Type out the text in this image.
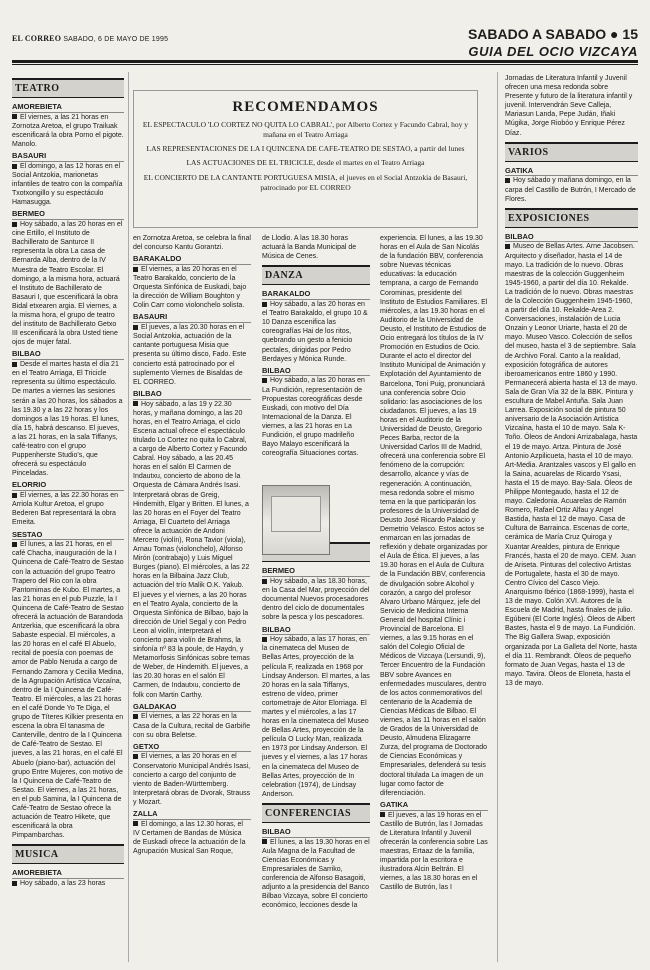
EL CORREO SABADO, 6 DE MAYO DE 1995	SABADO A SABADO ● 15
GUIA DEL OCIO VIZCAYA
RECOMENDAMOS
EL ESPECTACULO 'LO CORTEZ NO QUITA LO CABRAL', por Alberto Cortez y Facundo Cabral, hoy y mañana en el Teatro Arriaga
LAS REPRESENTACIONES DE LA I QUINCENA DE CAFE-TEATRO DE SESTAO, a partir del lunes
LAS ACTUACIONES DE EL TRICICLE, desde el martes en el Teatro Arriaga
EL CONCIERTO DE LA CANTANTE PORTUGUESA MISIA, el jueves en el Social Antzokia de Basauri, patrocinado por EL CORREO
TEATRO
AMOREBIETA

El viernes, a las 21 horas en Zornotza Aretoa, el grupo Trailuak escenificará la obra Porno el pigote. Manolo.

BASAURI

El domingo, a las 12 horas en el Social Antzokia, marionetas infantiles de teatro con la compañía Txotxongillo y su espectáculo Hamasugga.

BERMEO

Hoy sábado, a las 20 horas en el cine Ertillo, el Instituto de Bachillerato de Santurce II representa la obra La casa de Bernarda Alba, dentro de la IV Muestra de Teatro Escolar. El domingo, a la misma hora, actuará el Instituto de Bachillerato de Basauri I, que escenificará la obra Bidal etxearen argia. El viernes, a la misma hora, el grupo de teatro del instituto de Bachillerato Getxo III escenificará la obra Usted tiene ojos de mujer fatal.

BILBAO

Desde el martes hasta el día 21 en el Teatro Arriaga, El Tricicle representa su último espectáculo. De martes a viernes las sesiones serán a las 20 horas, los sábados a las 19.30 y a las 22 horas y los domingos a las 19 horas. El lunes, día 15, habrá descanso. El jueves, a las 21 horas, en la sala Tiffanys, café-teatro con el grupo Puppenherste Studio's, que ofrecerá su espectáculo Pinceladas.

ELORRIO

El viernes, a las 22.30 horas en Arriola Kultur Aretoa, el grupo Bederen Bat representará la obra Emeita.

SESTAO

El lunes, a las 21 horas, en el café Chacha, inauguración de la I Quincena de Café-Teatro de Sestao con la actuación del grupo Teatro Trapero del Rio con la obra Pantomimas de Kubo. El martes, a las 21 horas en el pub Puzzle, la I Quincena de Café-Teatro de Sestao ofrecerá la actuación de Barandoda Antzerkia, que escenificará la obra Sabaste especial. El miércoles, a las 20 horas en el café El Abuelo, recital de poesía con poemas de amor de Pablo Neruda a cargo de Fernando Zamora y Cecilia Medina, de la Agrupación Artística Vizcaína, dentro de la I Quincena de Café-Teatro. El miércoles, a las 21 horas en el café Donde Yo Te Diga, el grupo de Títeres Kilkier presenta en escena la obra El tanasma de Canterville, dentro de la I Quincena de Café-Teatro de Sestao. El jueves, a las 21 horas, en el café El Abuelo (piano-bar), actuación del grupo Entre Mujeres, con motivo de la I Quincena de Café-Teatro de Sestao. El viernes, a las 21 horas, en el pub Samina, la I Quincena de Café-Teatro de Sestao ofrece la actuación de Teatro Hikete, que escenificará la obra Pimpambarchas.

MUSICA
AMOREBIETA

Hoy sábado, a las 23 horas

en Zornotza Aretoa, se celebra la final del concurso Kantu Gorantzi.

BARAKALDO

El viernes, a las 20 horas en el Teatro Barakaldo, concierto de la Orquesta Sinfónica de Euskadi, bajo la dirección de William Boughton y Colin Carr como violonchelo solista.

BASAURI

El jueves, a las 20.30 horas en el Social Antzokia, actuación de la cantante portuguesa Misia que presenta su último disco, Fado. Este concierto está patrocinado por el suplemento Viernes de Bisaldas de EL CORREO.

BILBAO

Hoy sábado, a las 19 y 22.30 horas, y mañana domingo, a las 20 horas, en el Teatro Arriaga, el ciclo Escena actual ofrece el espectáculo titulado Lo Cortez no quita lo Cabral, a cargo de Alberto Cortez y Facundo Cabral. Hoy sábado, a las 20.45 horas en el salón El Carmen de Indautxu, concierto de abono de la Orquesta de Cámara Andrés Isasi. Interpretará obras de Greig, Hindemith, Elgar y Britten. El lunes, a las 20 horas en el Foyer del Teatro Arriaga, El Cuarteto del Arriaga ofrece la actuación de Andoni Mercero (violín), Rona Tavior (viola), Arnau Tomas (violonchelo), Alfonso Mirón (contrabajo) y Luis Miguel Burges (piano). El miércoles, a las 22 horas en la Bilbaina Jazz Club, actuación del trío Malik O.K. Yakub. El jueves y el viernes, a las 20 horas en el Teatro Ayala, concierto de la Orquesta Sinfónica de Bilbao, bajo la dirección de Uriel Segal y con Pedro Leon al violín, interpretará el concierto para violín de Brahms, la sinfonía nº 83 la poule, de Haydn, y Metamorfosis Sinfónicas sobre temas de Weber, de Hindemith. El jueves, a las 20.30 horas en el salón El Carmen, de Indautxu, concierto de folk con Martin Carthy.

GALDAKAO

El viernes, a las 22 horas en la Casa de la Cultura, recital de Garbiñe con su obra Beletse.

GETXO

El viernes, a las 20 horas en el Conservatorio Municipal Andrés Isasi, concierto a cargo del conjunto de viento de Baden-Württemberg. Interpretará obras de Dvorak, Strauss y Mozart.

ZALLA

El domingo, a las 12.30 horas, el IV Certamen de Bandas de Música de Euskadi ofrece la actuación de la Agrupación Musical San Roque,

de Llodio. A las 18.30 horas actuará la Banda Municipal de Música de Cenes.

DANZA
BARAKALDO

Hoy sábado, a las 20 horas en el Teatro Barakaldo, el grupo 10 & 10 Danza escenifica las coreografías Hai de los ritos, quebrando un gesto a fenicio pectales, dirigidas por Pedro Berdayes y Mónica Runde.

BILBAO

Hoy sábado, a las 20 horas en La Fundición, representación de Propuestas coreográficas desde Euskadi, con motivo del Día Internacional de la Danza. El viernes, a las 21 horas en La Fundición, el grupo madrileño Bayo Malayo escenificará la coreografía Situaciones cortas.

BERMEO

Hoy sábado, a las 18.30 horas, en la Casa del Mar, proyección del documental Nuevos procesadores dentro del ciclo de documentales sobre la pesca y los pescadores.

BILBAO

Hoy sábado, a las 17 horas, en la cinemateca del Museo de Bellas Artes, proyección de la película F, realizada en 1968 por Lindsay Anderson. El martes, a las 20 horas en la sala Tiffanys, estreno de vídeo, primer cortometraje de Aitor Elorriaga. El martes y el miércoles, a las 17 horas en la cinemateca del Museo de Bellas Artes, proyección de la película O Lucky Man, realizada en 1973 por Lindsay Anderson. El jueves y el viernes, a las 17 horas en la cinemateca del Museo de Bellas Artes, proyección de In celebration (1974), de Lindsay Anderson.

CONFERENCIAS
BILBAO

El lunes, a las 19.30 horas en el Aula Magna de la Facultad de Ciencias Económicas y Empresariales de Sarriko, conferencia de Alfonso Basagoiti, adjunto a la presidencia del Banco Bilbao Vizcaya, sobre El concierto económico, lecciones desde la

experiencia. El lunes, a las 19.30 horas en el Aula de San Nicolás de la fundación BBV, conferencia sobre Nuevas técnicas educativas: la educación temprana, a cargo de Fernando Corominas, presidente del Instituto de Estudios Familiares. El miércoles, a las 19.30 horas en el Auditorio de la Universidad de Deusto, el Instituto de Estudios de Ocio entregará los títulos de la IV Promoción en Estudios de Ocio. Durante el acto el director del Instituto Municipal de Animación y Explotación del Ayuntamiento de Barcelona, Toni Puig, pronunciará una conferencia sobre Ocio solidario: las asociaciones de los ciudadanos. El jueves, a las 19 horas en el Auditorio de la Universidad de Deusto, Gregorio Peces Barba, rector de la Universidad Carlos III de Madrid, ofrecerá una conferencia sobre El fenómeno de la corrupción: desarrollo, alcance y vías de regeneración. A continuación, mesa redonda sobre el mismo tema en la que participarán los profesores de la Universidad de Deusto José Ricardo Palacio y Demetrio Velasco. Estos actos se enmarcan en las jornadas de reflexión y debate organizadas por el Aula de Ética. El jueves, a las 19.30 horas en el Aula de Cultura de la Fundación BBV, conferencia de divulgación sobre Alcohol y corazón, a cargo del profesor Alvaro Urbano Márquez, jefe del Servicio de Medicina Interna General del hospital Clínic i Provincial de Barcelona. El viernes, a las 9.15 horas en el salón del Colegio Oficial de Médicos de Vizcaya (Lersundi, 9), Tercer Encuentro de la Fundación BBV sobre Avances en enfermedades musculares, dentro de los actos conmemorativos del centenario de la Academia de Ciencias Médicas de Bilbao. El viernes, a las 11 horas en el salón de Grados de la Universidad de Deusto, Almudena Elizagarre Zurza, del programa de Doctorado de Ciencias Económicas y Empresariales, defenderá su tesis doctoral titulada La imagen de un lugar como factor de diferenciación.

GATIKA

El jueves, a las 19 horas en el Castillo de Butrón, las I Jornadas de Literatura Infantil y Juvenil ofrecerán la conferencia sobre Las maestras, Ertaaz de la familia, impartida por la escritora e ilustradora Alcin Beltrán. El viernes, a las 18.30 horas en el Castillo de Butrón, las I

Jornadas de Literatura Infantil y Juvenil ofrecen una mesa redonda sobre Presente y futuro de la literatura infantil y juvenil. Intervendrán Seve Calleja, Mariasun Landa, Pepe Judán, Iñaki Múgika, Jorge Riobóo y Enrique Pérez Díaz.

VARIOS
GATIKA

Hoy sábado y mañana domingo, en la carpa del Castillo de Butrón, I Mercado de Flores.

EXPOSICIONES
BILBAO

Museo de Bellas Artes. Arne Jacobsen. Arquitecto y diseñador, hasta el 14 de mayo. La tradición de lo nuevo. Obras maestras de la colección Guggenheim 1945-1960, a partir del día 10. Rekalde. La tradición de lo nuevo. Obras maestras de la Colección Guggenheim 1945-1960, a partir del día 10. Rekalde-Area 2. Conversaciones, instalación de Lucia Onzain y Leonor Uriarte, hasta el 20 de mayo. Museo Vasco. Colección de sellos del museo, hasta el 3 de septiembre. Sala de Archivo Foral. Canto a la realidad, exposición fotográfica de autores iberoamericanos entre 1860 y 1990. Permanecerá abierta hasta el 13 de mayo. Sala de Gran Vía 32 de la BBK. Pintura y escultura de Mabel Antuña. Sala Juan Larrea. Exposición social de pintura 50 aniversario de la Asociación Artística Vizcaína, hasta el 10 de mayo. Sala K-Toño. Óleos de Andoni Arrizabalaga, hasta el 19 de mayo. Artza. Pintura de José Antonio Azpilicueta, hasta el 10 de mayo. Art-Media. Arantzales vascos y El gallo en la Saina, acuarelas de Ricardo Ysasi, hasta el 15 de mayo. Bay-Sala. Óleos de Philippe Montegaudo, hasta el 12 de mayo. Caledonia. Acuarelas de Ramón Romero, Rafael Ortiz Alfau y Angel Bastida, hasta el 12 de mayo. Casa de Cultura de Barrainca. Escenas de corte, cerámica de María Cruz Quiroga y Xuantar Arealdes, pintura de Enrique Francés, hasta el 20 de mayo. CEM. Juan de Ariseta. Pinturas del colectivo Artistas de Portugalete, hasta el 30 de mayo. Centro Cívico del Casco Viejo. Anarquismo Ibérico (1868-1999), hasta el 13 de mayo. Colón XVI. Autores de la Escuela de Madrid, hasta finales de julio. Egúbeni (El Corte Inglés). Óleos de Albert Bastes, hasta el 9 de mayo. La Fundición. The Big Gallera Swap, exposición organizada por La Galleta del Norte, hasta el día 11. Rembrandt. Óleos de pequeño formato de Juan Vegas, hasta el 13 de mayo. Tavira. Óleos de Eloneta, hasta el 13 de mayo.
